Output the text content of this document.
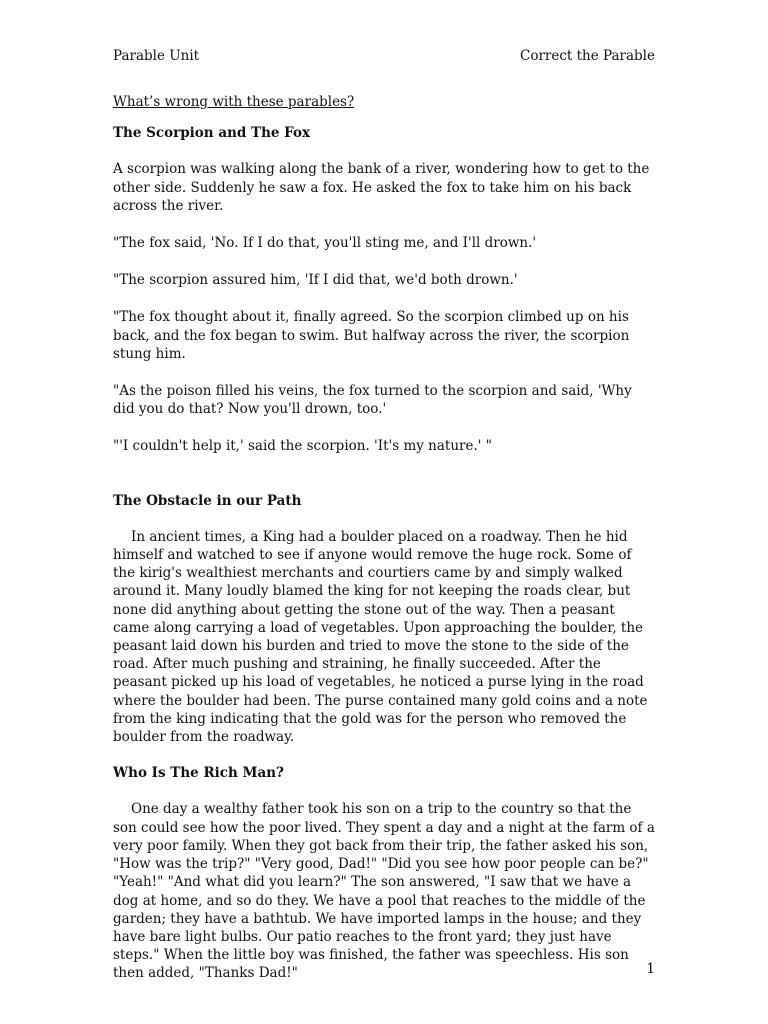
Parable Unit	Correct the Parable

What’s wrong with these parables?

The Scorpion and The Fox

A scorpion was walking along the bank of a river, wondering how to get to the other side. Suddenly he saw a fox. He asked the fox to take him on his back across the river.

"The fox said, 'No. If I do that, you'll sting me, and I'll drown.'

"The scorpion assured him, 'If I did that, we'd both drown.'

"The fox thought about it, finally agreed. So the scorpion climbed up on his back, and the fox began to swim. But halfway across the river, the scorpion stung him.

"As the poison filled his veins, the fox turned to the scorpion and said, 'Why did you do that? Now you'll drown, too.'

"'I couldn't help it,' said the scorpion. 'It's my nature.' "

The Obstacle in our Path

In ancient times, a King had a boulder placed on a roadway. Then he hid himself and watched to see if anyone would remove the huge rock. Some of the kirig's wealthiest merchants and courtiers came by and simply walked around it. Many loudly blamed the king for not keeping the roads clear, but none did anything about getting the stone out of the way. Then a peasant came along carrying a load of vegetables. Upon approaching the boulder, the peasant laid down his burden and tried to move the stone to the side of the road. After much pushing and straining, he finally succeeded. After the peasant picked up his load of vegetables, he noticed a purse lying in the road where the boulder had been. The purse contained many gold coins and a note from the king indicating that the gold was for the person who removed the boulder from the roadway.

Who Is The Rich Man?

One day a wealthy father took his son on a trip to the country so that the son could see how the poor lived. They spent a day and a night at the farm of a very poor family. When they got back from their trip, the father asked his son, "How was the trip?" "Very good, Dad!" "Did you see how poor people can be?" "Yeah!" "And what did you learn?" The son answered, "I saw that we have a dog at home, and so do they. We have a pool that reaches to the middle of the garden; they have a bathtub. We have imported lamps in the house; and they have bare light bulbs. Our patio reaches to the front yard; they just have steps." When the little boy was finished, the father was speechless. His son then added, "Thanks Dad!"	1
